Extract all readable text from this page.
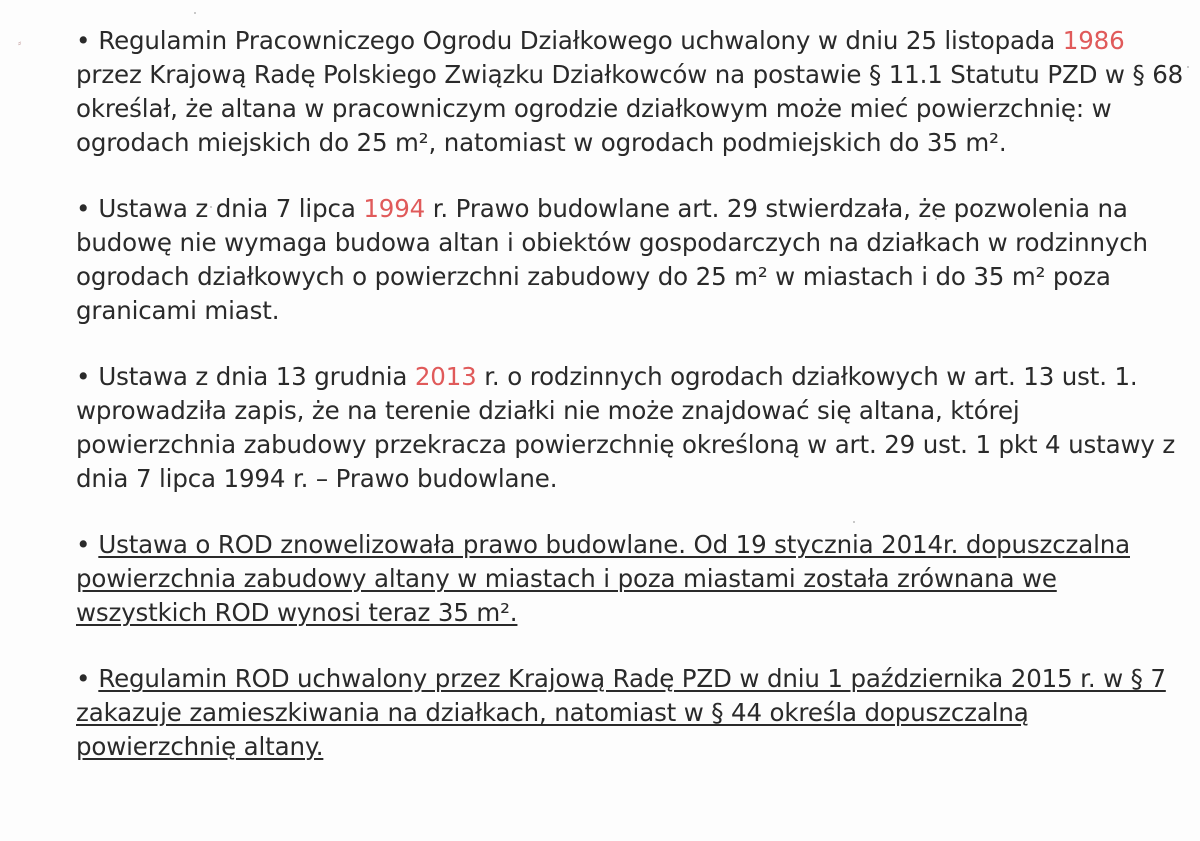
⸗	• Regulamin Pracowniczego Ogrodu Działkowego uchwalony w dniu 25 listopada 1986 przez Krajową Radę Polskiego Związku Działkowców na postawie § 11.1 Statutu PZD w § 68 określał, że altana w pracowniczym ogrodzie działkowym może mieć powierzchnię: w ogrodach miejskich do 25 m², natomiast w ogrodach podmiejskich do 35 m².

• Ustawa z dnia 7 lipca 1994 r. Prawo budowlane art. 29 stwierdzała, że pozwolenia na budowę nie wymaga budowa altan i obiektów gospodarczych na działkach w rodzinnych ogrodach działkowych o powierzchni zabudowy do 25 m² w miastach i do 35 m² poza granicami miast.

• Ustawa z dnia 13 grudnia 2013 r. o rodzinnych ogrodach działkowych w art. 13 ust. 1. wprowadziła zapis, że na terenie działki nie może znajdować się altana, której powierzchnia zabudowy przekracza powierzchnię określoną w art. 29 ust. 1 pkt 4 ustawy z dnia 7 lipca 1994 r. – Prawo budowlane.

• Ustawa o ROD znowelizowała prawo budowlane. Od 19 stycznia 2014r. dopuszczalna powierzchnia zabudowy altany w miastach i poza miastami została zrównana we wszystkich ROD wynosi teraz 35 m².

• Regulamin ROD uchwalony przez Krajową Radę PZD w dniu 1 października 2015 r. w § 7 zakazuje zamieszkiwania na działkach, natomiast w § 44 określa dopuszczalną powierzchnię altany.
